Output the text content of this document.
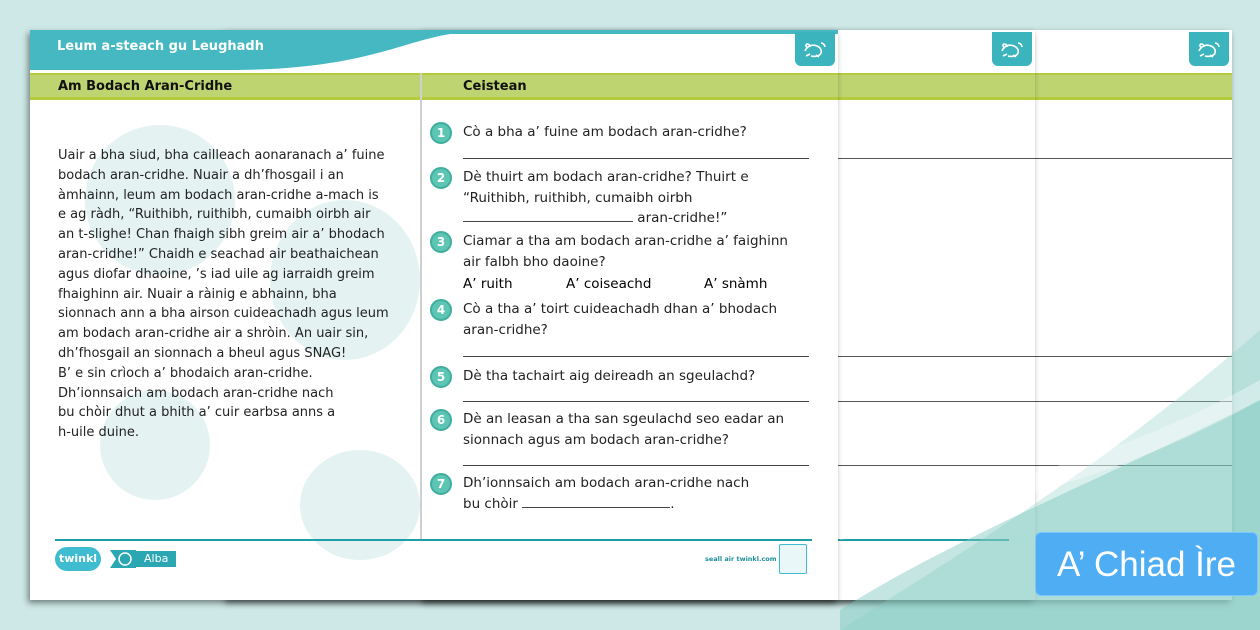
Leum a-steach gu Leughadh
Am Bodach Aran-Cridhe	Ceistean
Uair a bha siud, bha cailleach aonaranach a’ fuine
bodach aran-cridhe. Nuair a dh’fhosgail i an
àmhainn, leum am bodach aran-cridhe a-mach is
e ag ràdh, “Ruithibh, ruithibh, cumaibh oirbh air
an t-slighe! Chan fhaigh sibh greim air a’ bhodach
aran-cridhe!” Chaidh e seachad air beathaichean
agus diofar dhaoine, ’s iad uile ag iarraidh greim
fhaighinn air. Nuair a ràinig e abhainn, bha
sionnach ann a bha airson cuideachadh agus leum
am bodach aran-cridhe air a shròin. An uair sin,
dh’fhosgail an sionnach a bheul agus SNAG!
B’ e sin crìoch a’ bhodaich aran-cridhe.
Dh’ionnsaich am bodach aran-cridhe nach
bu chòir dhut a bhith a’ cuir earbsa anns a
h-uile duine.
1	Cò a bha a’ fuine am bodach aran-cridhe?
2	Dè thuirt am bodach aran-cridhe? Thuirt e
“Ruithibh, ruithibh, cumaibh oirbh
aran-cridhe!”
3	Ciamar a tha am bodach aran-cridhe a’ faighinn
air falbh bho daoine?
A’ ruith	A’ coiseachd	A’ snàmh
4	Cò a tha a’ toirt cuideachadh dhan a’ bhodach
aran-cridhe?
5	Dè tha tachairt aig deireadh an sgeulachd?
6	Dè an leasan a tha san sgeulachd seo eadar an
sionnach agus am bodach aran-cridhe?
7	Dh’ionnsaich am bodach aran-cridhe nach
bu chòir	.
twinkl	Alba	seall air twinkl.com	A’ Chiad Ìre
